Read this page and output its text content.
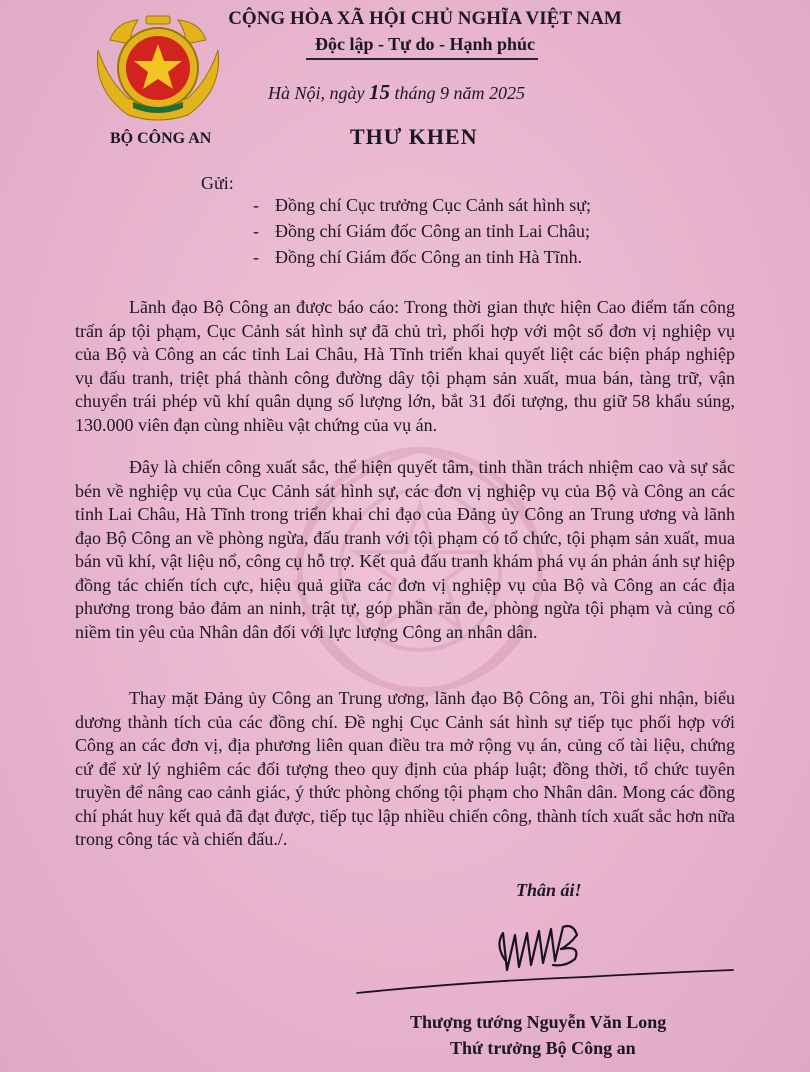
BỘ CÔNG AN
CỘNG HÒA XÃ HỘI CHỦ NGHĨA VIỆT NAM
Độc lập - Tự do - Hạnh phúc
Hà Nội, ngày 15 tháng 9 năm 2025
THƯ KHEN
Gửi:
- Đồng chí Cục trưởng Cục Cảnh sát hình sự;
- Đồng chí Giám đốc Công an tỉnh Lai Châu;
- Đồng chí Giám đốc Công an tỉnh Hà Tĩnh.

Lãnh đạo Bộ Công an được báo cáo: Trong thời gian thực hiện Cao điểm tấn công trấn áp tội phạm, Cục Cảnh sát hình sự đã chủ trì, phối hợp với một số đơn vị nghiệp vụ của Bộ và Công an các tỉnh Lai Châu, Hà Tĩnh triển khai quyết liệt các biện pháp nghiệp vụ đấu tranh, triệt phá thành công đường dây tội phạm sản xuất, mua bán, tàng trữ, vận chuyển trái phép vũ khí quân dụng số lượng lớn, bắt 31 đối tượng, thu giữ 58 khẩu súng, 130.000 viên đạn cùng nhiều vật chứng của vụ án.

Đây là chiến công xuất sắc, thể hiện quyết tâm, tinh thần trách nhiệm cao và sự sắc bén về nghiệp vụ của Cục Cảnh sát hình sự, các đơn vị nghiệp vụ của Bộ và Công an các tỉnh Lai Châu, Hà Tĩnh trong triển khai chỉ đạo của Đảng ủy Công an Trung ương và lãnh đạo Bộ Công an về phòng ngừa, đấu tranh với tội phạm có tổ chức, tội phạm sản xuất, mua bán vũ khí, vật liệu nổ, công cụ hỗ trợ. Kết quả đấu tranh khám phá vụ án phản ánh sự hiệp đồng tác chiến tích cực, hiệu quả giữa các đơn vị nghiệp vụ của Bộ và Công an các địa phương trong bảo đảm an ninh, trật tự, góp phần răn đe, phòng ngừa tội phạm và củng cố niềm tin yêu của Nhân dân đối với lực lượng Công an nhân dân.

Thay mặt Đảng ủy Công an Trung ương, lãnh đạo Bộ Công an, Tôi ghi nhận, biểu dương thành tích của các đồng chí. Đề nghị Cục Cảnh sát hình sự tiếp tục phối hợp với Công an các đơn vị, địa phương liên quan điều tra mở rộng vụ án, củng cố tài liệu, chứng cứ để xử lý nghiêm các đối tượng theo quy định của pháp luật; đồng thời, tổ chức tuyên truyền để nâng cao cảnh giác, ý thức phòng chống tội phạm cho Nhân dân. Mong các đồng chí phát huy kết quả đã đạt được, tiếp tục lập nhiều chiến công, thành tích xuất sắc hơn nữa trong công tác và chiến đấu./.

Thân ái!
Thượng tướng Nguyễn Văn Long
Thứ trưởng Bộ Công an
